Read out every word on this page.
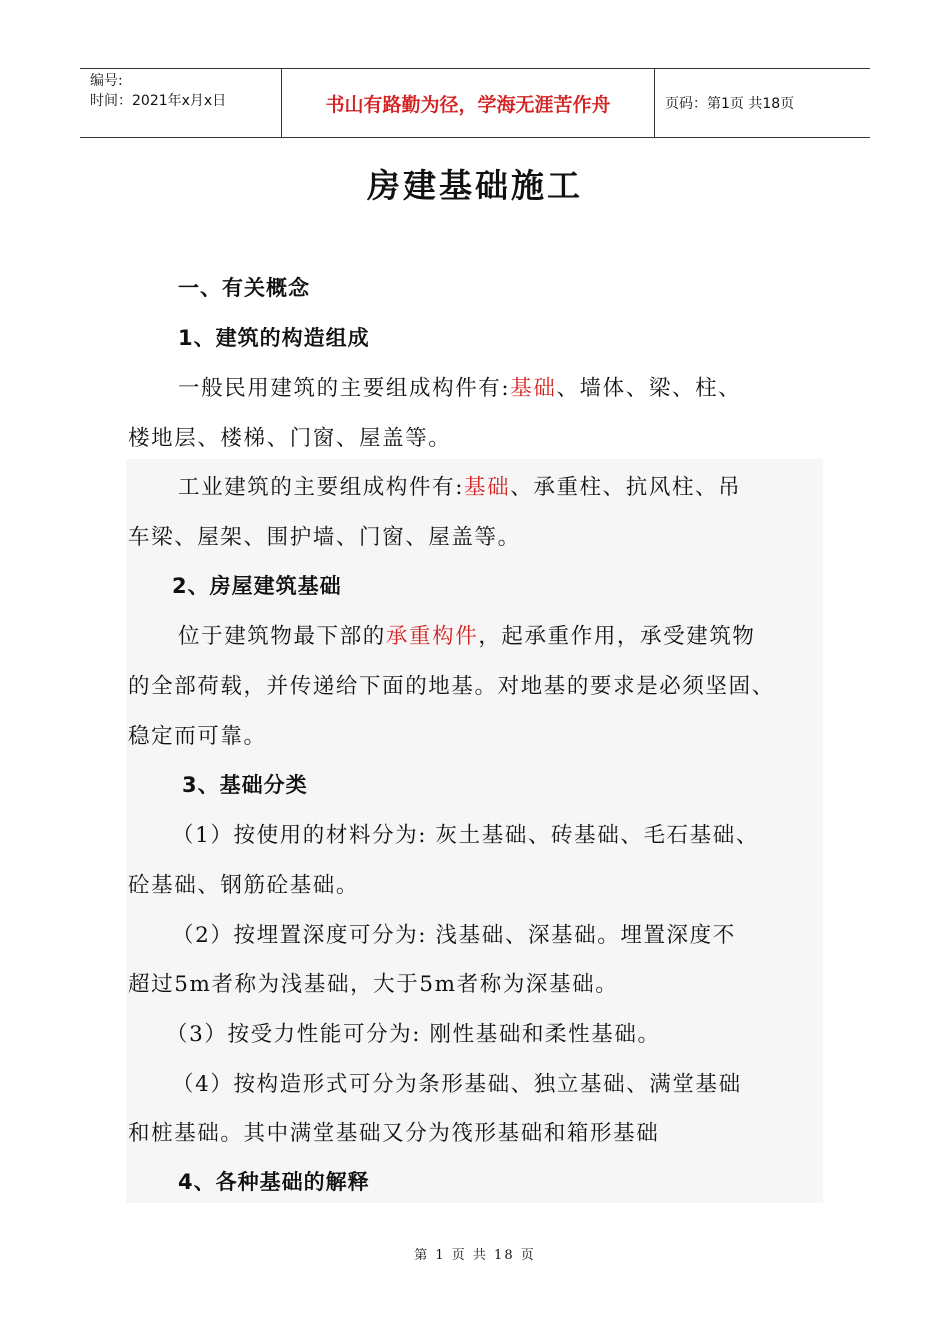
编号:
时间：2021年x月x日	书山有路勤为径，学海无涯苦作舟	页码：第1页 共18页
房建基础施工
一、有关概念
1、建筑的构造组成
一般民用建筑的主要组成构件有:基础、墙体、梁、柱、
楼地层、楼梯、门窗、屋盖等。
工业建筑的主要组成构件有:基础、承重柱、抗风柱、吊
车梁、屋架、围护墙、门窗、屋盖等。
2、房屋建筑基础
位于建筑物最下部的承重构件，起承重作用，承受建筑物
的全部荷载，并传递给下面的地基。对地基的要求是必须坚固、
稳定而可靠。
3、基础分类
（1）按使用的材料分为: 灰土基础、砖基础、毛石基础、
砼基础、钢筋砼基础。
（2）按埋置深度可分为: 浅基础、深基础。埋置深度不
超过5m者称为浅基础，大于5m者称为深基础。
（3）按受力性能可分为: 刚性基础和柔性基础。
（4）按构造形式可分为条形基础、独立基础、满堂基础
和桩基础。其中满堂基础又分为筏形基础和箱形基础
4、各种基础的解释
第 1 页 共 18 页
